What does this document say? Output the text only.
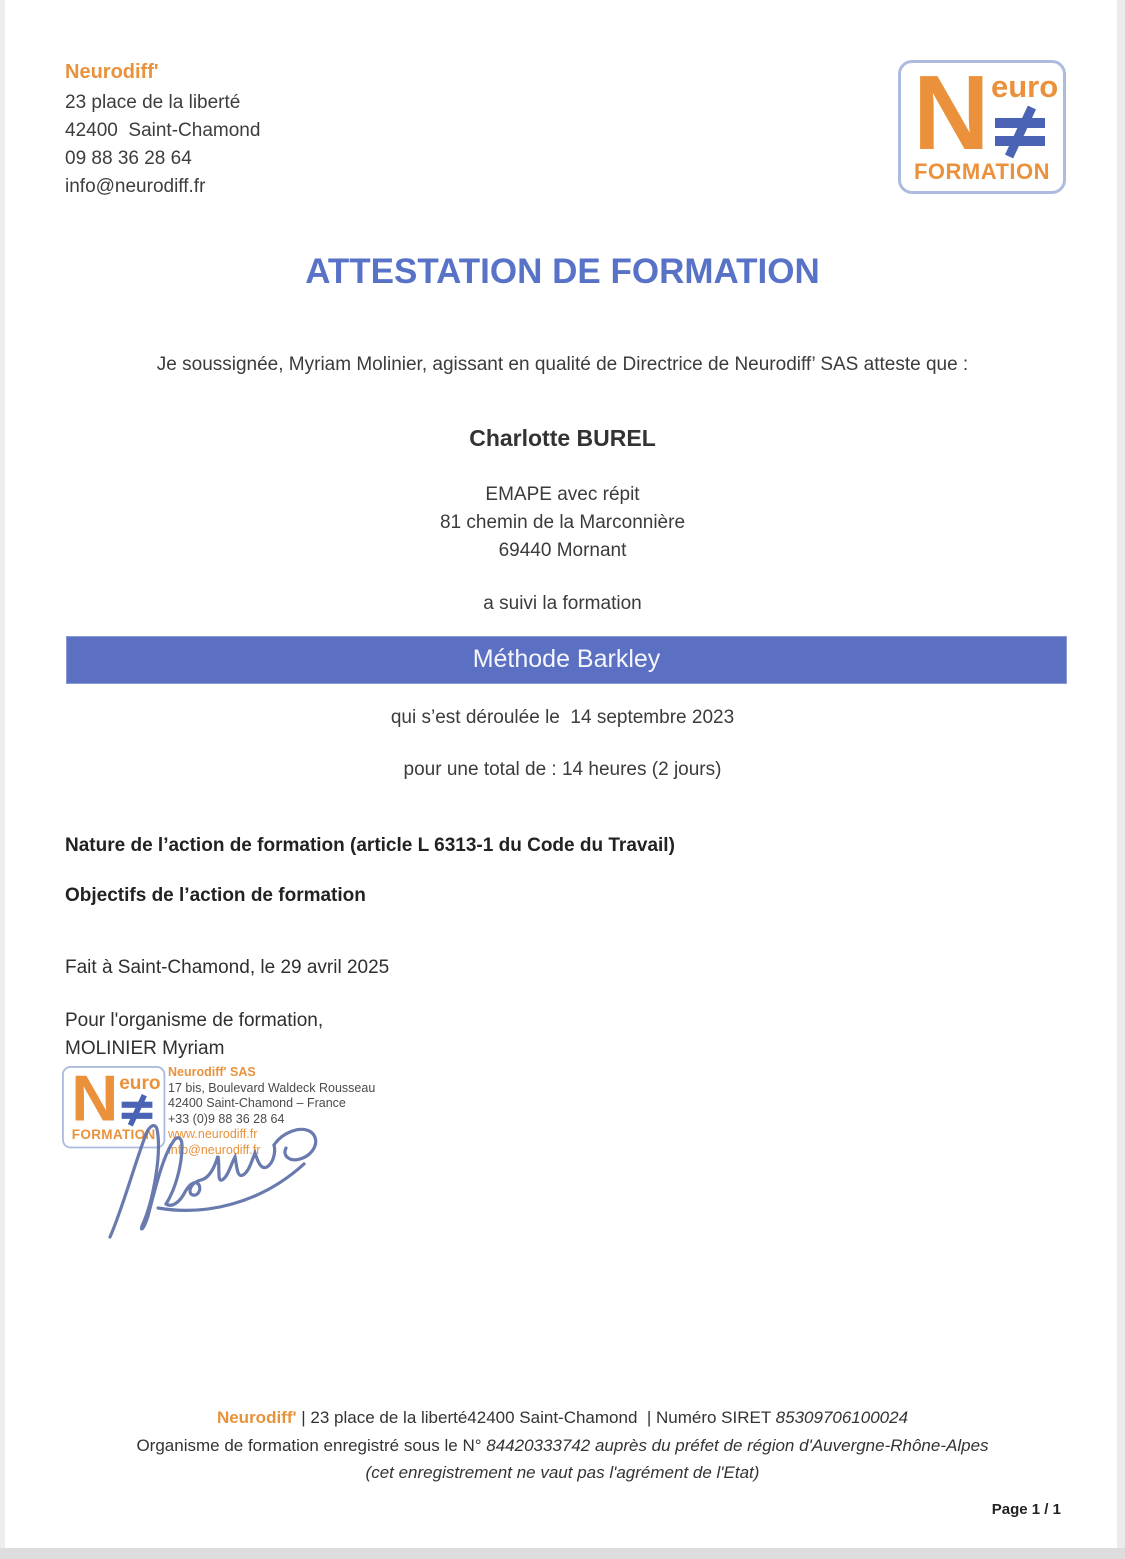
Neurodiff'
23 place de la liberté
42400  Saint-Chamond
09 88 36 28 64
info@neurodiff.fr
N euro
FORMATION
ATTESTATION DE FORMATION
Je soussignée, Myriam Molinier, agissant en qualité de Directrice de Neurodiff’ SAS atteste que :
Charlotte BUREL
EMAPE avec répit
81 chemin de la Marconnière
69440 Mornant
a suivi la formation
Méthode Barkley
qui s’est déroulée le  14 septembre 2023
pour une total de : 14 heures (2 jours)
Nature de l’action de formation (article L 6313-1 du Code du Travail)
Objectifs de l’action de formation
Fait à Saint-Chamond, le 29 avril 2025
Pour l'organisme de formation,
MOLINIER Myriam
N euro
FORMATION
Neurodiff' SAS
17 bis, Boulevard Waldeck Rousseau
42400 Saint-Chamond – France
+33 (0)9 88 36 28 64
www.neurodiff.fr
info@neurodiff.fr
Neurodiff' | 23 place de la liberté42400 Saint-Chamond  | Numéro SIRET 85309706100024
Organisme de formation enregistré sous le N° 84420333742 auprès du préfet de région d'Auvergne-Rhône-Alpes
(cet enregistrement ne vaut pas l'agrément de l'Etat)
Page 1 / 1
